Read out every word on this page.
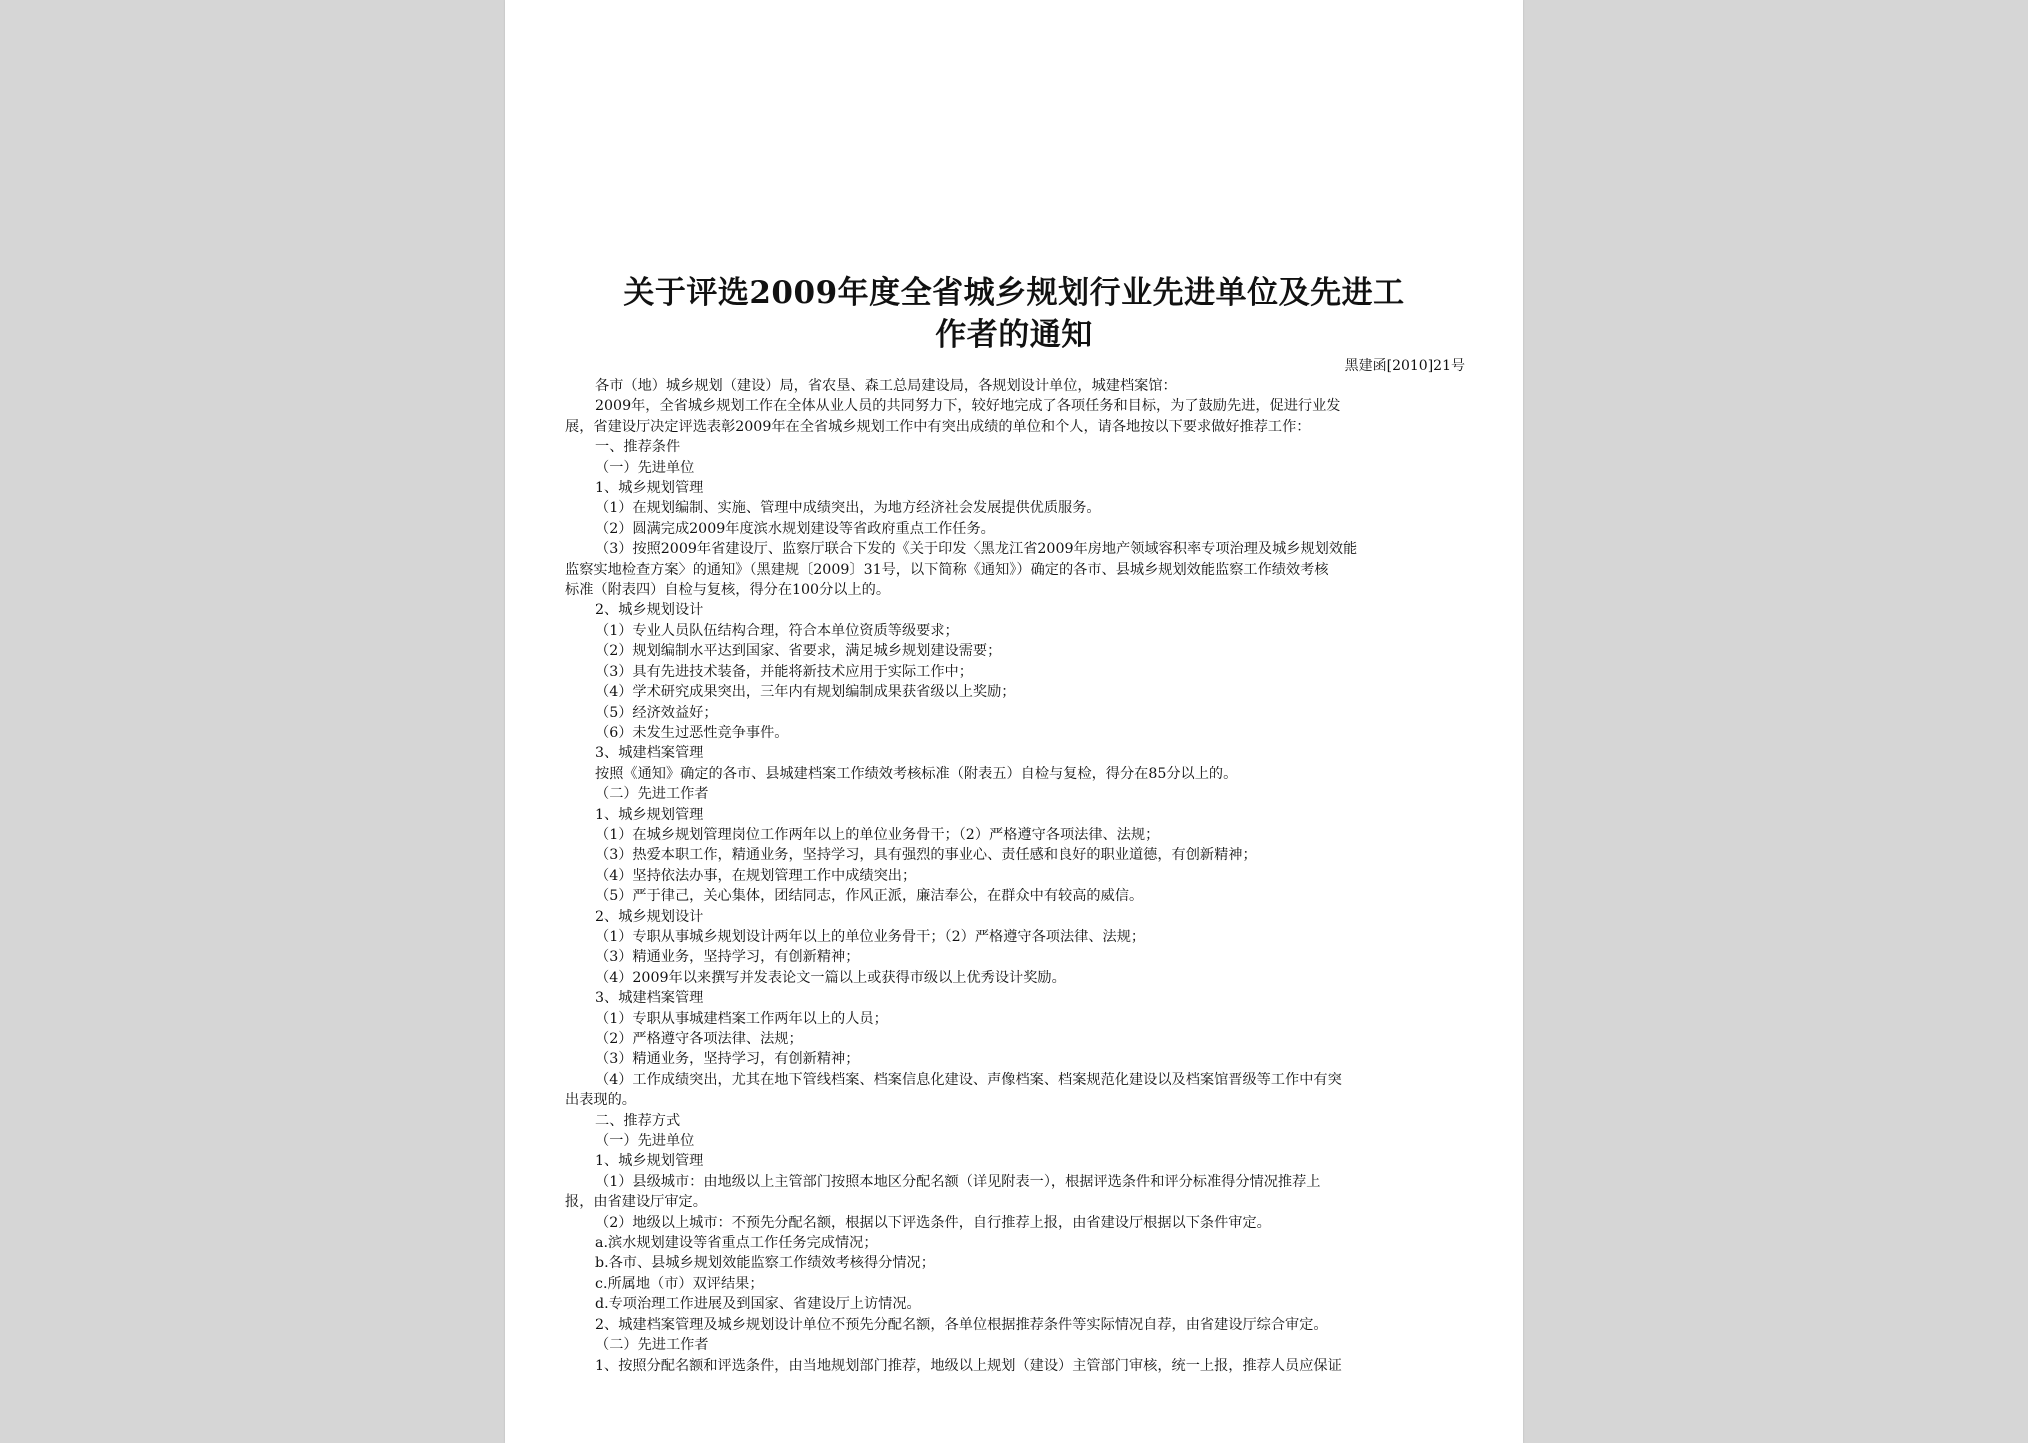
关于评选2009年度全省城乡规划行业先进单位及先进工
作者的通知
黑建函[2010]21号
各市（地）城乡规划（建设）局，省农垦、森工总局建设局，各规划设计单位，城建档案馆：
2009年，全省城乡规划工作在全体从业人员的共同努力下，较好地完成了各项任务和目标，为了鼓励先进，促进行业发
展，省建设厅决定评选表彰2009年在全省城乡规划工作中有突出成绩的单位和个人，请各地按以下要求做好推荐工作：
一、推荐条件
（一）先进单位
1、城乡规划管理
（1）在规划编制、实施、管理中成绩突出，为地方经济社会发展提供优质服务。
（2）圆满完成2009年度滨水规划建设等省政府重点工作任务。
（3）按照2009年省建设厅、监察厅联合下发的《关于印发〈黑龙江省2009年房地产领域容积率专项治理及城乡规划效能
监察实地检查方案〉的通知》（黑建规〔2009〕31号，以下简称《通知》）确定的各市、县城乡规划效能监察工作绩效考核
标准（附表四）自检与复核，得分在100分以上的。
2、城乡规划设计
（1）专业人员队伍结构合理，符合本单位资质等级要求；
（2）规划编制水平达到国家、省要求，满足城乡规划建设需要；
（3）具有先进技术装备，并能将新技术应用于实际工作中；
（4）学术研究成果突出，三年内有规划编制成果获省级以上奖励；
（5）经济效益好；
（6）未发生过恶性竞争事件。
3、城建档案管理
按照《通知》确定的各市、县城建档案工作绩效考核标准（附表五）自检与复检，得分在85分以上的。
（二）先进工作者
1、城乡规划管理
（1）在城乡规划管理岗位工作两年以上的单位业务骨干；（2）严格遵守各项法律、法规；
（3）热爱本职工作，精通业务，坚持学习，具有强烈的事业心、责任感和良好的职业道德，有创新精神；
（4）坚持依法办事，在规划管理工作中成绩突出；
（5）严于律己，关心集体，团结同志，作风正派，廉洁奉公，在群众中有较高的威信。
2、城乡规划设计
（1）专职从事城乡规划设计两年以上的单位业务骨干；（2）严格遵守各项法律、法规；
（3）精通业务，坚持学习，有创新精神；
（4）2009年以来撰写并发表论文一篇以上或获得市级以上优秀设计奖励。
3、城建档案管理
（1）专职从事城建档案工作两年以上的人员；
（2）严格遵守各项法律、法规；
（3）精通业务，坚持学习，有创新精神；
（4）工作成绩突出，尤其在地下管线档案、档案信息化建设、声像档案、档案规范化建设以及档案馆晋级等工作中有突
出表现的。
二、推荐方式
（一）先进单位
1、城乡规划管理
（1）县级城市：由地级以上主管部门按照本地区分配名额（详见附表一），根据评选条件和评分标准得分情况推荐上
报，由省建设厅审定。
（2）地级以上城市：不预先分配名额，根据以下评选条件，自行推荐上报，由省建设厅根据以下条件审定。
a.滨水规划建设等省重点工作任务完成情况；
b.各市、县城乡规划效能监察工作绩效考核得分情况；
c.所属地（市）双评结果；
d.专项治理工作进展及到国家、省建设厅上访情况。
2、城建档案管理及城乡规划设计单位不预先分配名额，各单位根据推荐条件等实际情况自荐，由省建设厅综合审定。
（二）先进工作者
1、按照分配名额和评选条件，由当地规划部门推荐，地级以上规划（建设）主管部门审核，统一上报，推荐人员应保证
